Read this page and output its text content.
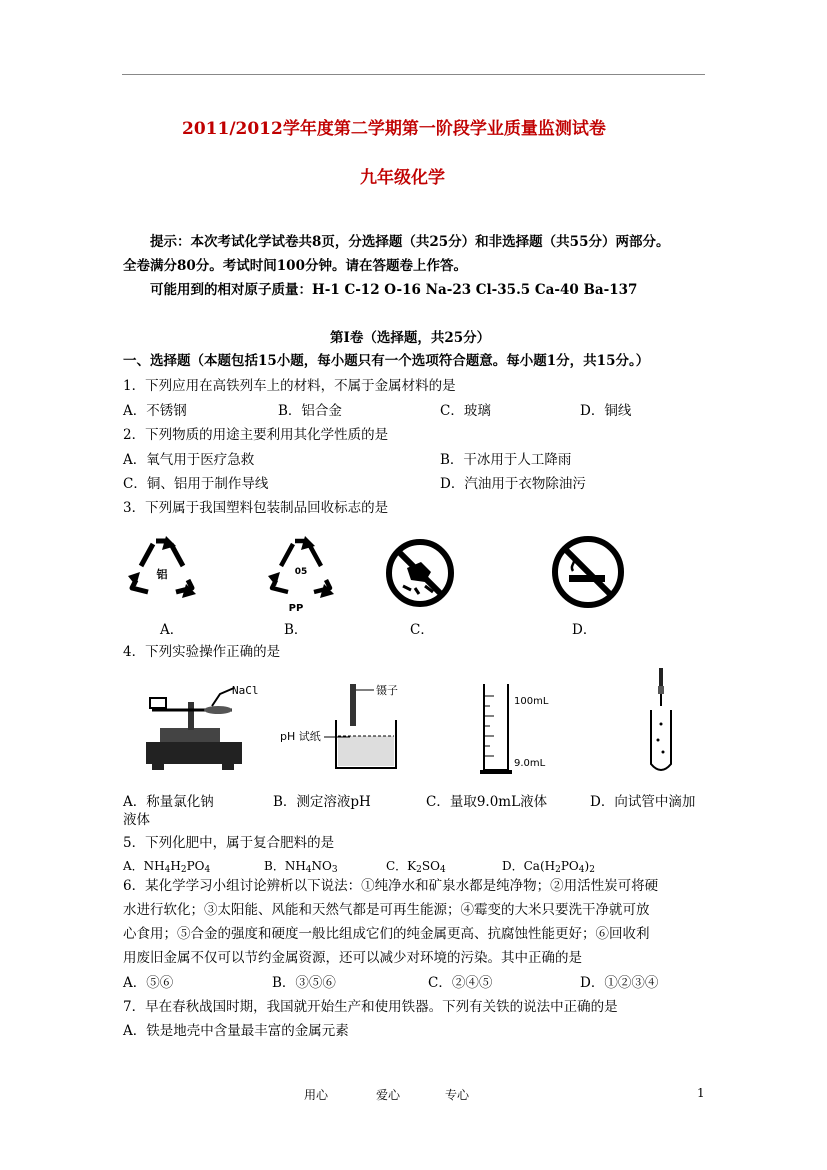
2011/2012学年度第二学期第一阶段学业质量监测试卷
九年级化学
提示：本次考试化学试卷共8页，分选择题（共25分）和非选择题（共55分）两部分。
全卷满分80分。考试时间100分钟。请在答题卷上作答。
可能用到的相对原子质量：H-1 C-12 O-16 Na-23 Cl-35.5 Ca-40 Ba-137
第Ⅰ卷（选择题，共25分）
一、选择题（本题包括15小题，每小题只有一个选项符合题意。每小题1分，共15分。）
1．下列应用在高铁列车上的材料，不属于金属材料的是
A．不锈钢	B．铝合金	C．玻璃	D．铜线
2．下列物质的用途主要利用其化学性质的是
A．氧气用于医疗急救	B．干冰用于人工降雨
C．铜、铝用于制作导线	D．汽油用于衣物除油污
3．下列属于我国塑料包装制品回收标志的是
铝	05
PP
A．	B．	C．	D．
4．下列实验操作正确的是
NaCl	镊子
pH 试纸
100mL
9.0mL
A．称量氯化钠	B．测定溶液pH	C．量取9.0mL液体	D．向试管中滴加
液体
5．下列化肥中，属于复合肥料的是
A．$NH_4H_2PO_4$	B．$NH_4NO_3$	C．$K_2SO_4$	D．$Ca(H_2PO_4)_2$
6．某化学学习小组讨论辨析以下说法：①纯净水和矿泉水都是纯净物；②用活性炭可将硬
水进行软化；③太阳能、风能和天然气都是可再生能源；④霉变的大米只要洗干净就可放
心食用；⑤合金的强度和硬度一般比组成它们的纯金属更高、抗腐蚀性能更好；⑥回收利
用废旧金属不仅可以节约金属资源，还可以减少对环境的污染。其中正确的是
A．⑤⑥	B．③⑤⑥	C．②④⑤	D．①②③④
7．早在春秋战国时期，我国就开始生产和使用铁器。下列有关铁的说法中正确的是
A．铁是地壳中含量最丰富的金属元素
用心	爱心	专心	1
